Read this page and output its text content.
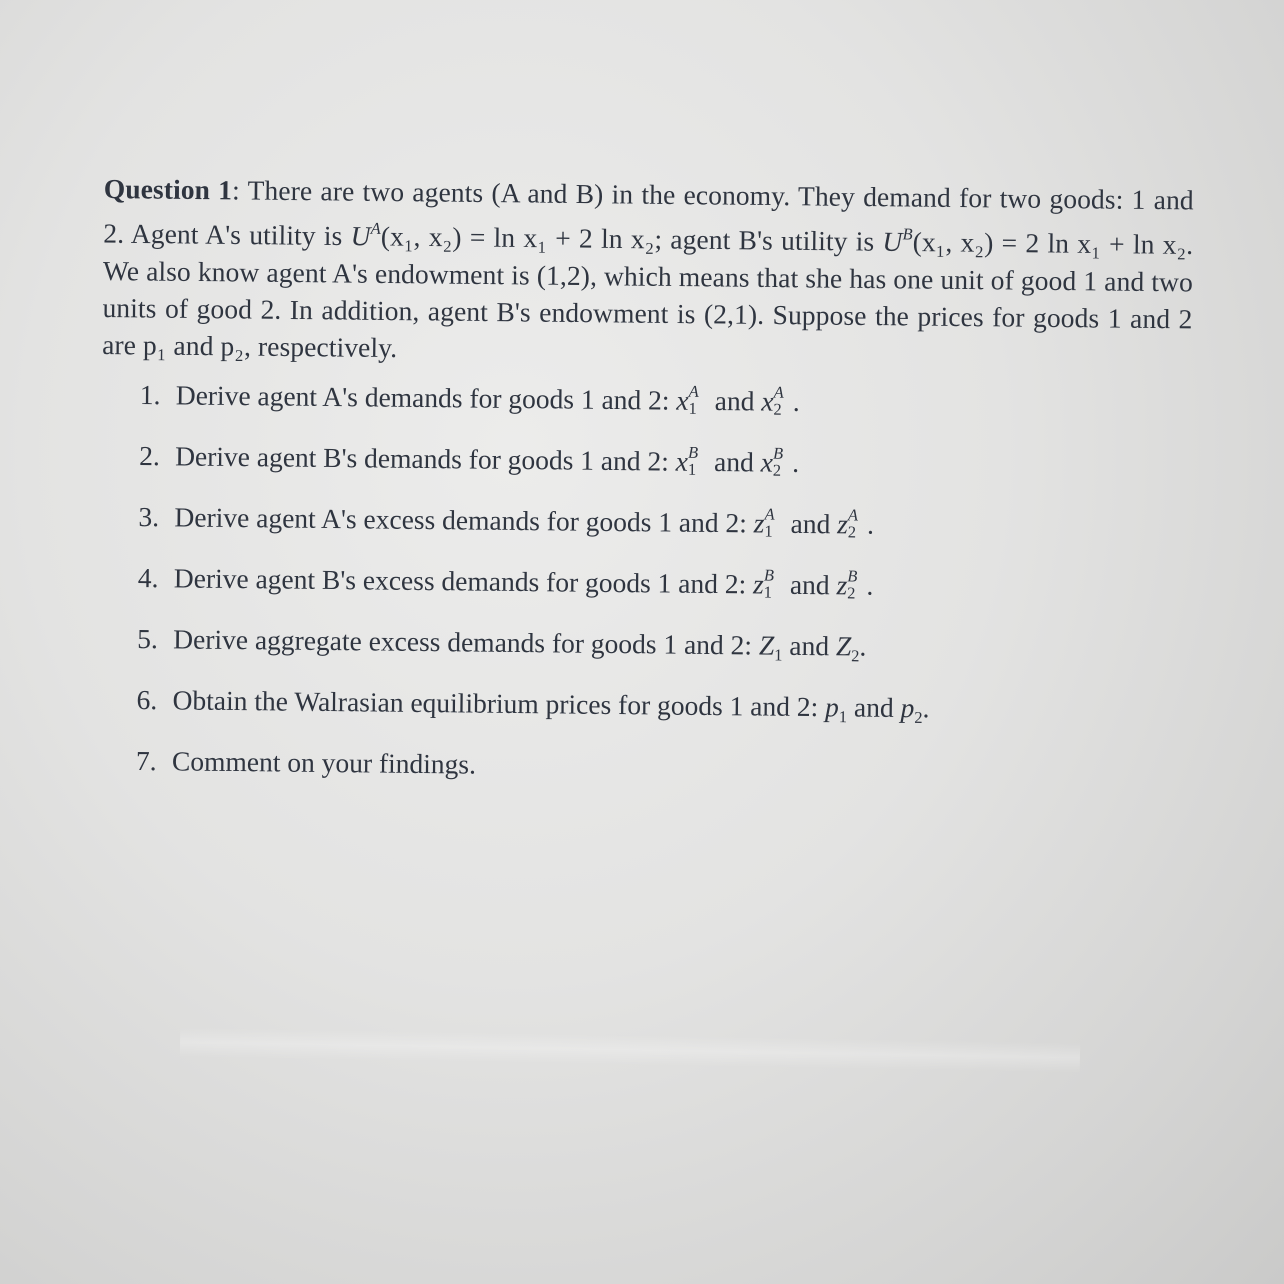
Question 1: There are two agents (A and B) in the economy. They demand for two goods: 1 and 2. Agent A's utility is $U^A(x_1$, x₂) = ln x₁ + 2 ln x₂; agent B's utility is $U^B(x_1$, x₂) = 2 ln x₁ + ln x₂. We also know agent A's endowment is (1,2), which means that she has one unit of good 1 and two units of good 2. In addition, agent B's endowment is (2,1). Suppose the prices for goods 1 and 2 are p₁ and p₂, respectively.
1. Derive agent A's demands for goods 1 and 2: x A
1 and x A
2 .
2. Derive agent B's demands for goods 1 and 2: x B
1 and x B
2 .
3. Derive agent A's excess demands for goods 1 and 2: z A
1 and z A
2 .
4. Derive agent B's excess demands for goods 1 and 2: z B
1 and z B
2 .
5. Derive aggregate excess demands for goods 1 and 2: $Z_1$ and $Z_2$.
6. Obtain the Walrasian equilibrium prices for goods 1 and 2: $p_1$ and $p_2$.
7. Comment on your findings.
